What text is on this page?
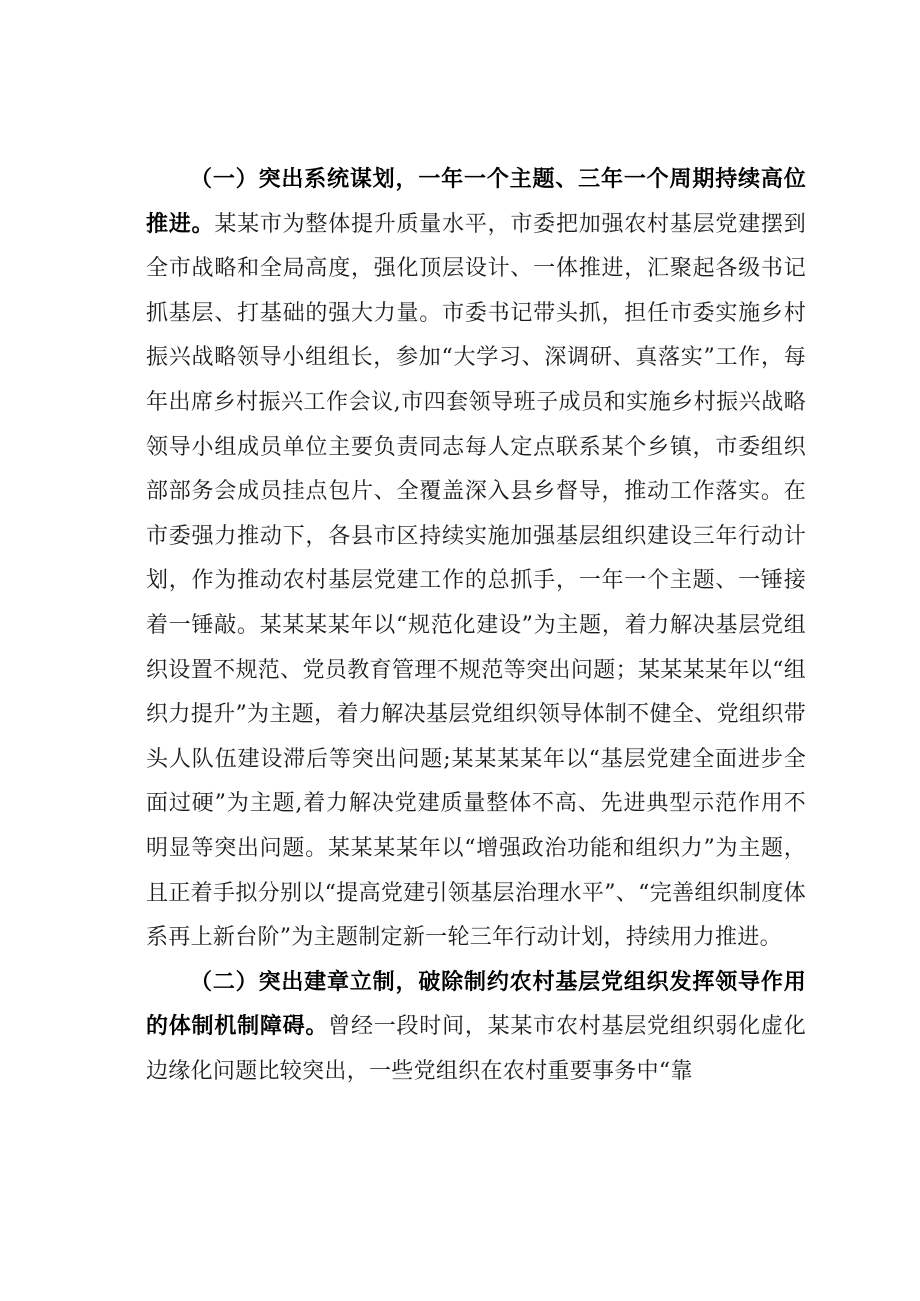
（一）突出系统谋划，一年一个主题、三年一个周期持续高位推进。某某市为整体提升质量水平，市委把加强农村基层党建摆到全市战略和全局高度，强化顶层设计、一体推进，汇聚起各级书记抓基层、打基础的强大力量。市委书记带头抓，担任市委实施乡村振兴战略领导小组组长，参加“大学习、深调研、真落实”工作，每年出席乡村振兴工作会议,市四套领导班子成员和实施乡村振兴战略领导小组成员单位主要负责同志每人定点联系某个乡镇，市委组织部部务会成员挂点包片、全覆盖深入县乡督导，推动工作落实。在市委强力推动下，各县市区持续实施加强基层组织建设三年行动计划，作为推动农村基层党建工作的总抓手，一年一个主题、一锤接着一锤敲。某某某某年以“规范化建设”为主题，着力解决基层党组织设置不规范、党员教育管理不规范等突出问题；某某某某年以“组织力提升”为主题，着力解决基层党组织领导体制不健全、党组织带头人队伍建设滞后等突出问题;某某某某年以“基层党建全面进步全面过硬”为主题,着力解决党建质量整体不高、先进典型示范作用不明显等突出问题。某某某某年以“增强政治功能和组织力”为主题，且正着手拟分别以“提高党建引领基层治理水平”、“完善组织制度体系再上新台阶”为主题制定新一轮三年行动计划，持续用力推进。

（二）突出建章立制，破除制约农村基层党组织发挥领导作用的体制机制障碍。曾经一段时间，某某市农村基层党组织弱化虚化边缘化问题比较突出，一些党组织在农村重要事务中“靠
